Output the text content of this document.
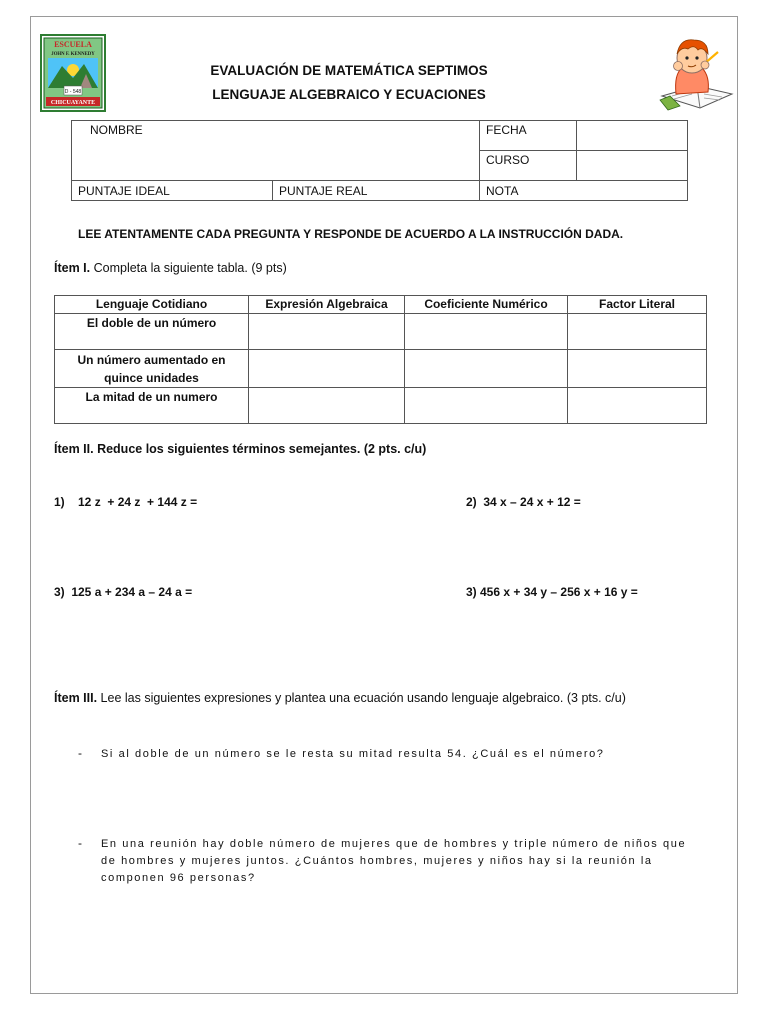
ESCUELA
JOHN F. KENNEDY
D - 548
CHICUAYANTE
EVALUACIÓN DE MATEMÁTICA SEPTIMOS
LENGUAJE ALGEBRAICO Y ECUACIONES
NOMBRE		FECHA	
		CURSO	
PUNTAJE IDEAL	PUNTAJE REAL	NOTA	
LEE ATENTAMENTE CADA PREGUNTA Y RESPONDE DE ACUERDO A LA INSTRUCCIÓN DADA.
Ítem I. Completa la siguiente tabla. (9 pts)
Lenguaje Cotidiano	Expresión Algebraica	Coeficiente Numérico	Factor Literal
El doble de un número			
Un número aumentado en quince unidades			
La mitad de un numero			
Ítem II. Reduce los siguientes términos semejantes. (2 pts. c/u)
1)    12 z  + 24 z  + 144 z =	2)  34 x – 24 x + 12 =
3)  125 a + 234 a – 24 a =	3) 456 x + 34 y – 256 x + 16 y =
Ítem III. Lee las siguientes expresiones y plantea una ecuación usando lenguaje algebraico. (3 pts. c/u)
- Si al doble de un número se le resta su mitad resulta 54. ¿Cuál es el número?
- En una reunión hay doble número de mujeres que de hombres y triple número de niños que de hombres y mujeres juntos. ¿Cuántos hombres, mujeres y niños hay si la reunión la componen 96 personas?
